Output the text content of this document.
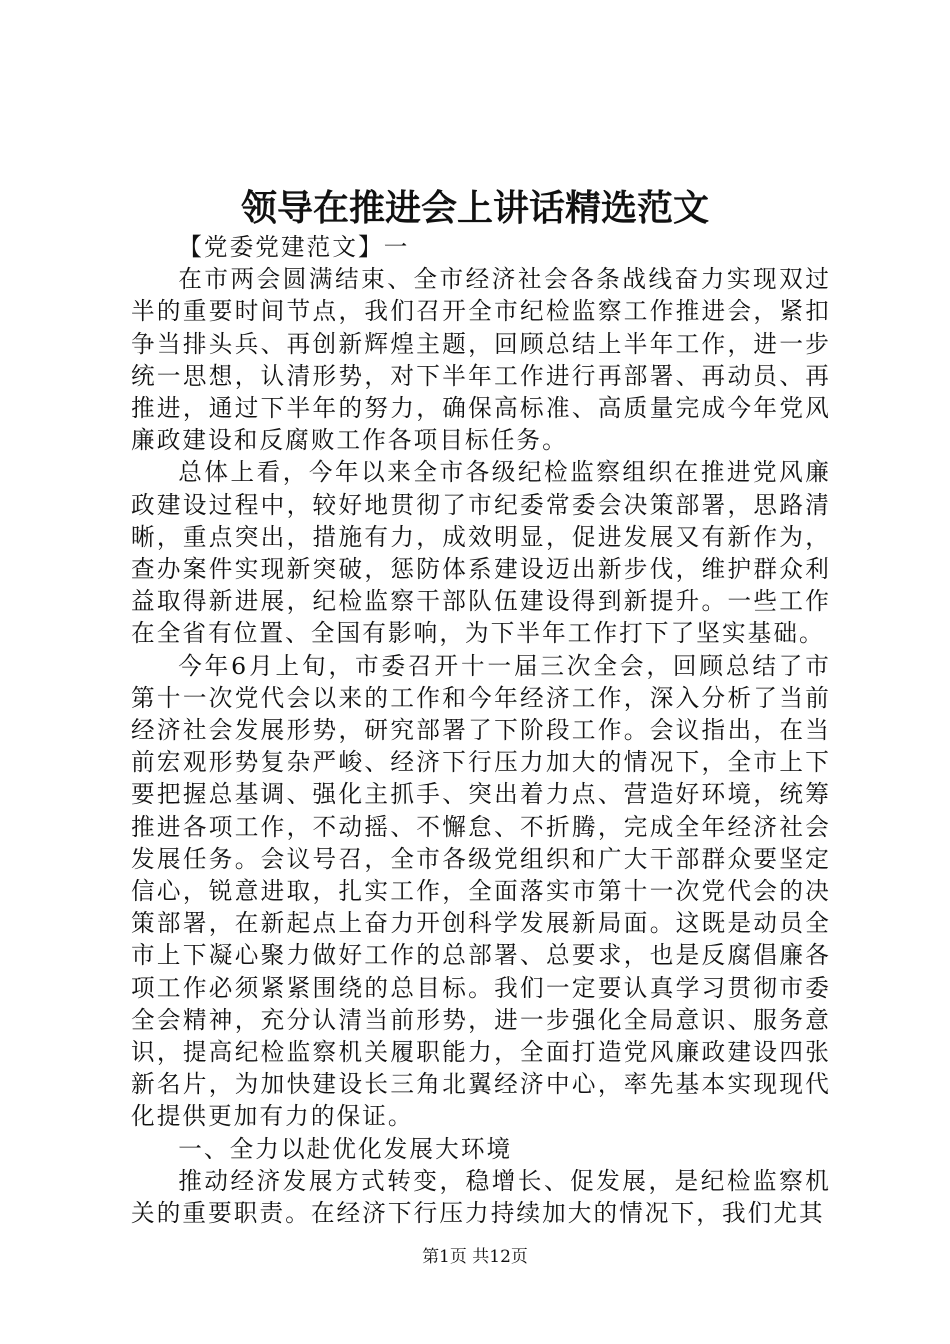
领导在推进会上讲话精选范文

【党委党建范文】一

在市两会圆满结束、全市经济社会各条战线奋力实现双过半的重要时间节点，我们召开全市纪检监察工作推进会，紧扣争当排头兵、再创新辉煌主题，回顾总结上半年工作，进一步统一思想，认清形势，对下半年工作进行再部署、再动员、再推进，通过下半年的努力，确保高标准、高质量完成今年党风廉政建设和反腐败工作各项目标任务。

总体上看，今年以来全市各级纪检监察组织在推进党风廉政建设过程中，较好地贯彻了市纪委常委会决策部署，思路清晰，重点突出，措施有力，成效明显，促进发展又有新作为，查办案件实现新突破，惩防体系建设迈出新步伐，维护群众利益取得新进展，纪检监察干部队伍建设得到新提升。一些工作在全省有位置、全国有影响，为下半年工作打下了坚实基础。

今年6月上旬，市委召开十一届三次全会，回顾总结了市第十一次党代会以来的工作和今年经济工作，深入分析了当前经济社会发展形势，研究部署了下阶段工作。会议指出，在当前宏观形势复杂严峻、经济下行压力加大的情况下，全市上下要把握总基调、强化主抓手、突出着力点、营造好环境，统筹推进各项工作，不动摇、不懈怠、不折腾，完成全年经济社会发展任务。会议号召，全市各级党组织和广大干部群众要坚定信心，锐意进取，扎实工作，全面落实市第十一次党代会的决策部署，在新起点上奋力开创科学发展新局面。这既是动员全市上下凝心聚力做好工作的总部署、总要求，也是反腐倡廉各项工作必须紧紧围绕的总目标。我们一定要认真学习贯彻市委全会精神，充分认清当前形势，进一步强化全局意识、服务意识，提高纪检监察机关履职能力，全面打造党风廉政建设四张新名片，为加快建设长三角北翼经济中心，率先基本实现现代化提供更加有力的保证。

一、全力以赴优化发展大环境

推动经济发展方式转变，稳增长、促发展，是纪检监察机关的重要职责。在经济下行压力持续加大的情况下，我们尤其

第1页 共12页
